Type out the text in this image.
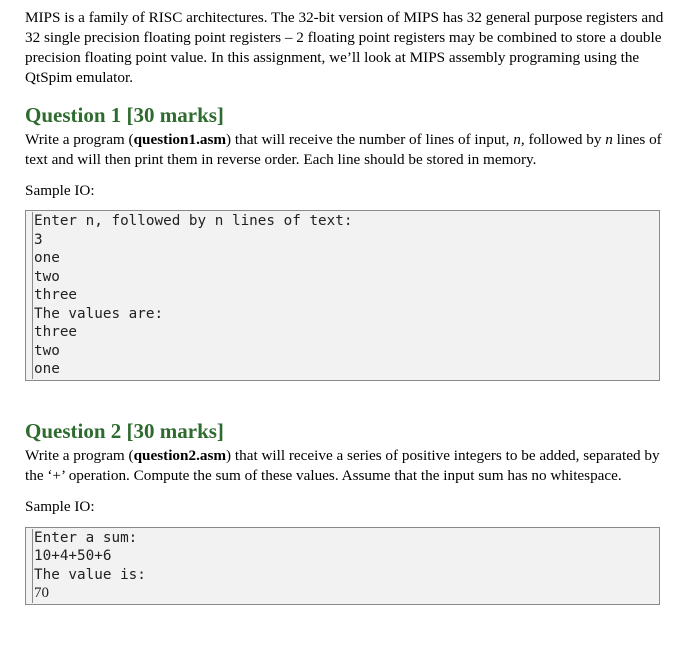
MIPS is a family of RISC architectures. The 32-bit version of MIPS has 32 general purpose registers and 32 single precision floating point registers – 2 floating point registers may be combined to store a double precision floating point value. In this assignment, we’ll look at MIPS assembly programing using the QtSpim emulator.

Question 1 [30 marks]

Write a program (question1.asm) that will receive the number of lines of input, n, followed by n lines of text and will then print them in reverse order. Each line should be stored in memory.

Sample IO:

Enter n, followed by n lines of text:
3
one
two
three
The values are:
three
two
one
Question 2 [30 marks]

Write a program (question2.asm) that will receive a series of positive integers to be added, separated by the ‘+’ operation. Compute the sum of these values. Assume that the input sum has no whitespace.

Sample IO:

Enter a sum:
10+4+50+6
The value is:
70
